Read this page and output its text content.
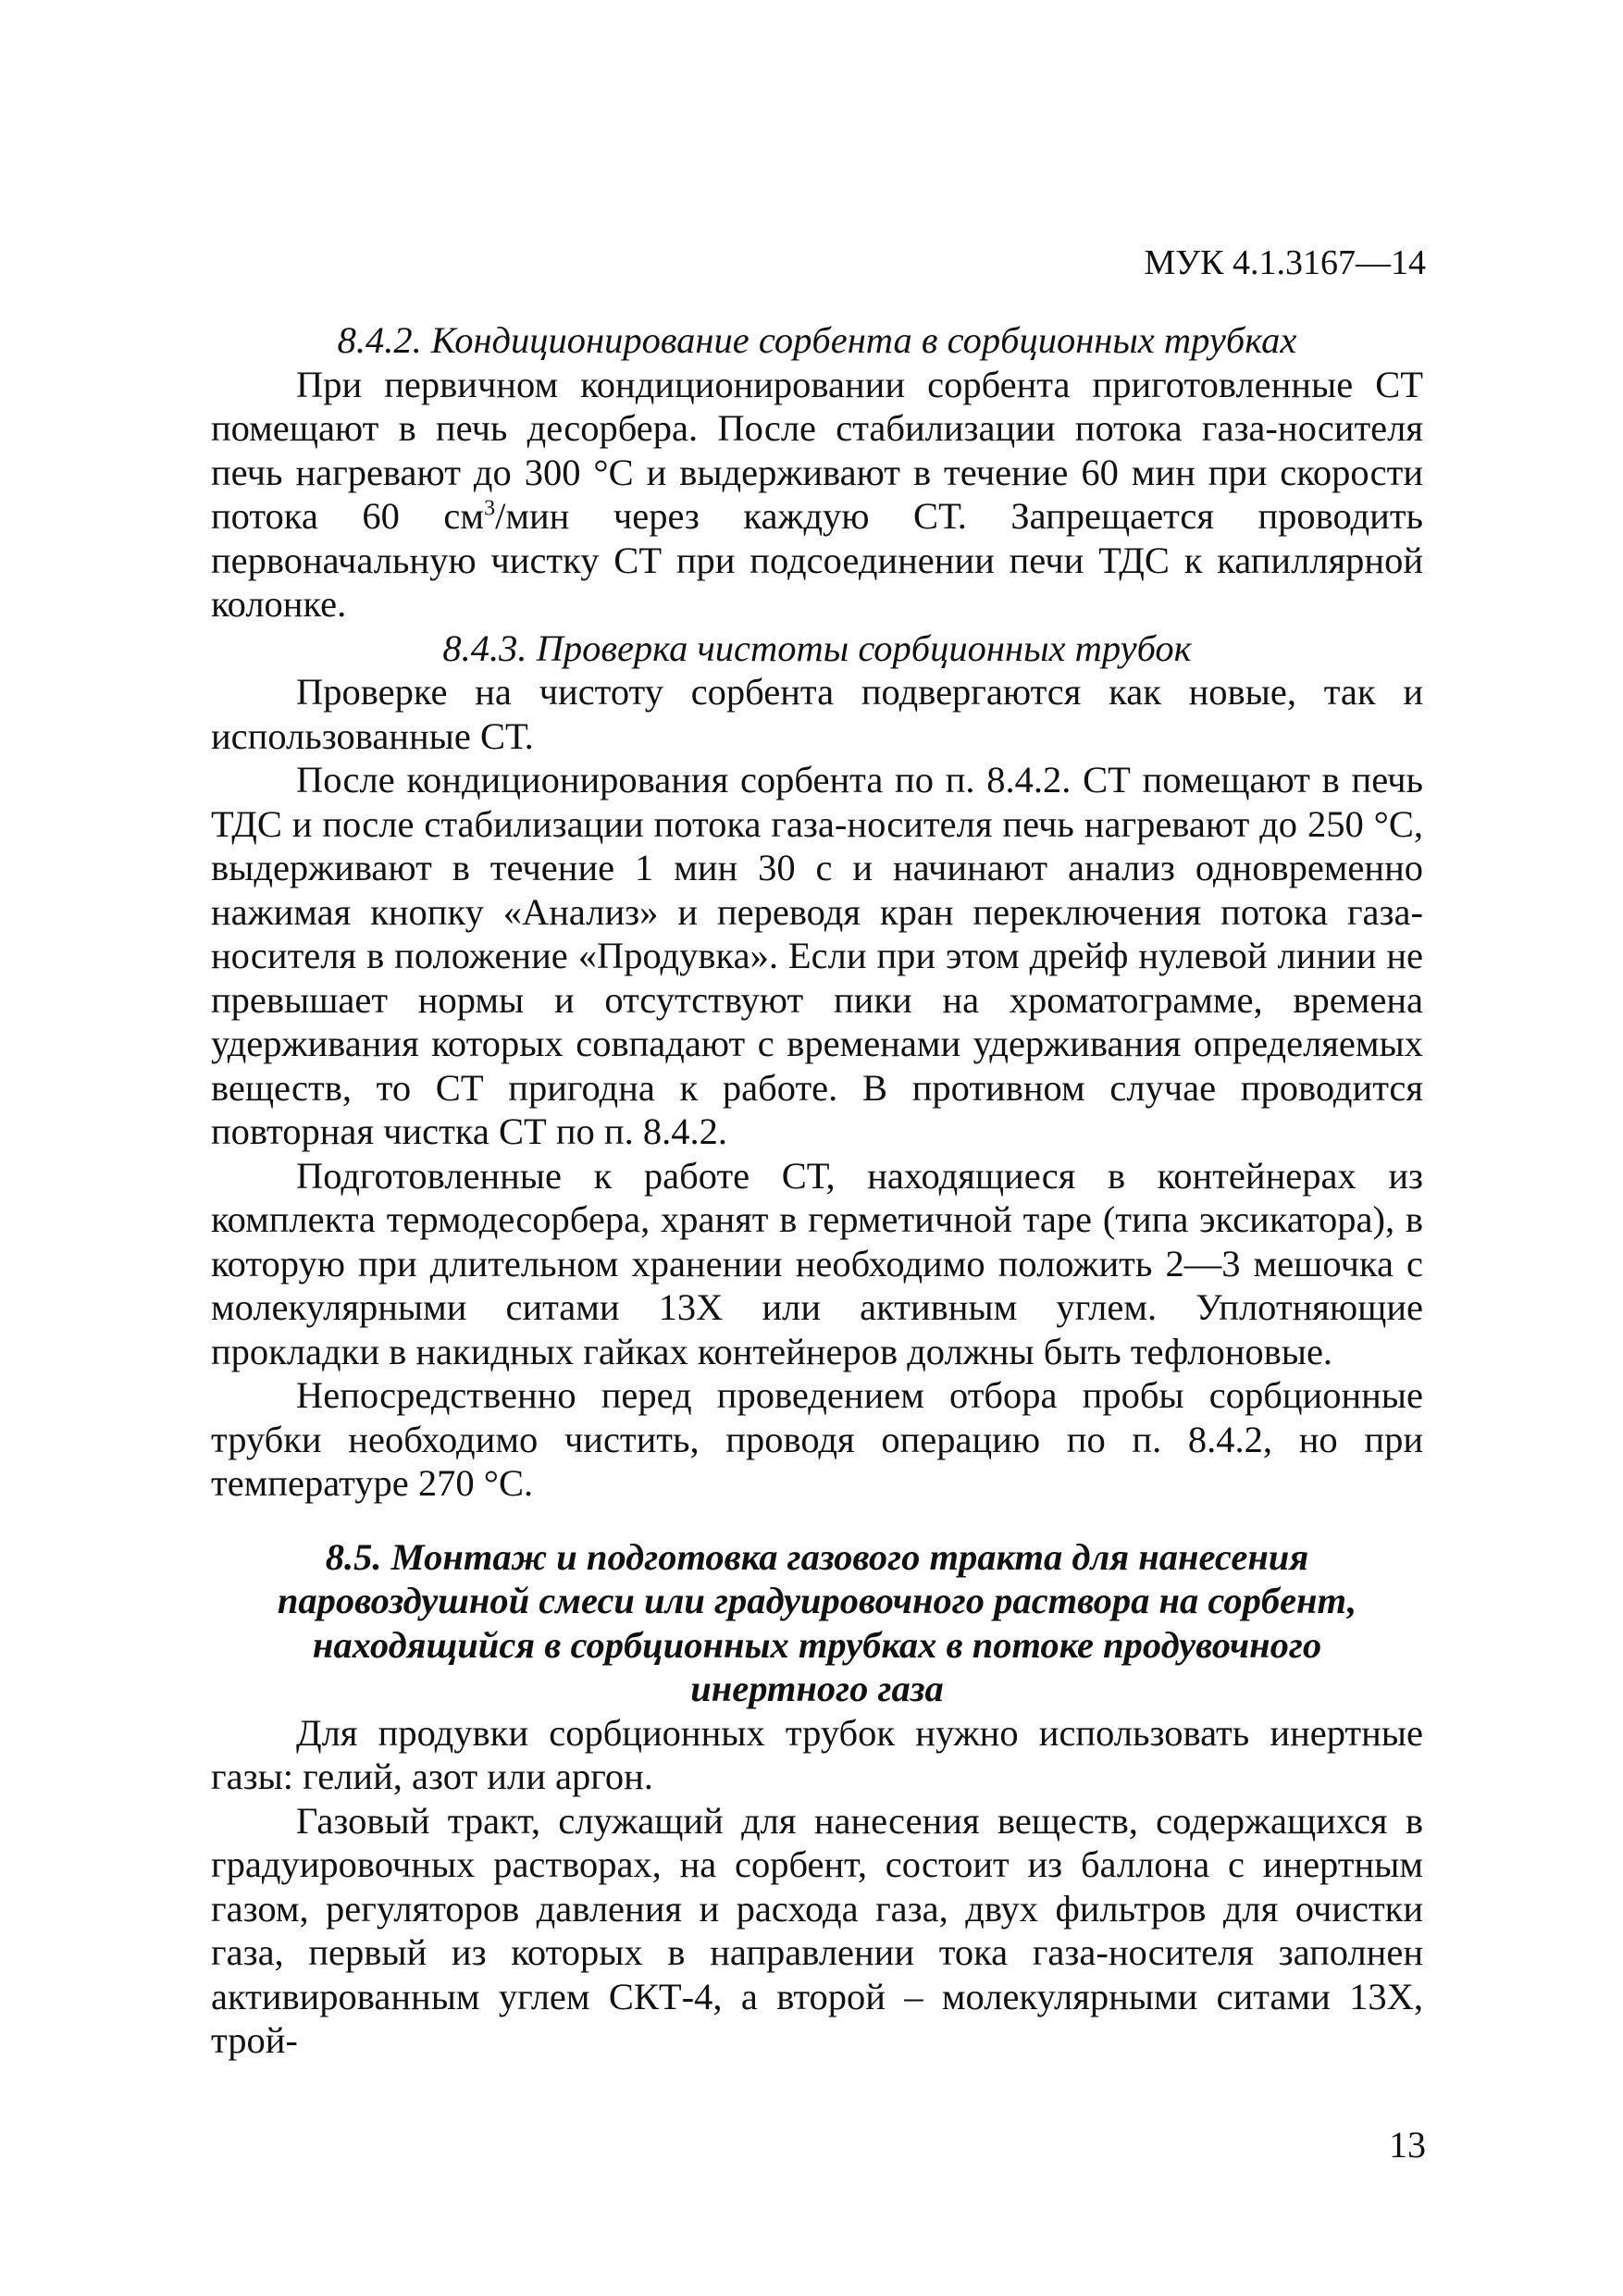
МУК 4.1.3167—14

8.4.2. Кондиционирование сорбента в сорбционных трубках

При первичном кондиционировании сорбента приготовленные СТ помещают в печь десорбера. После стабилизации потока газа-носителя печь нагревают до 300 °С и выдерживают в течение 60 мин при скорости потока 60 $см^3$/мин через каждую СТ. Запрещается проводить первоначальную чистку СТ при подсоединении печи ТДС к капиллярной колонке.

8.4.3. Проверка чистоты сорбционных трубок

Проверке на чистоту сорбента подвергаются как новые, так и использованные СТ.

После кондиционирования сорбента по п. 8.4.2. СТ помещают в печь ТДС и после стабилизации потока газа-носителя печь нагревают до 250 °С, выдерживают в течение 1 мин 30 с и начинают анализ одновременно нажимая кнопку «Анализ» и переводя кран переключения потока газа-носителя в положение «Продувка». Если при этом дрейф нулевой линии не превышает нормы и отсутствуют пики на хроматограмме, времена удерживания которых совпадают с временами удерживания определяемых веществ, то СТ пригодна к работе. В противном случае проводится повторная чистка СТ по п. 8.4.2.

Подготовленные к работе СТ, находящиеся в контейнерах из комплекта термодесорбера, хранят в герметичной таре (типа эксикатора), в которую при длительном хранении необходимо положить 2—3 мешочка с молекулярными ситами 13Х или активным углем. Уплотняющие прокладки в накидных гайках контейнеров должны быть тефлоновые.

Непосредственно перед проведением отбора пробы сорбционные трубки необходимо чистить, проводя операцию по п. 8.4.2, но при температуре 270 °С.

8.5. Монтаж и подготовка газового тракта для нанесения
паровоздушной смеси или градуировочного раствора на сорбент,
находящийся в сорбционных трубках в потоке продувочного
инертного газа

Для продувки сорбционных трубок нужно использовать инертные газы: гелий, азот или аргон.

Газовый тракт, служащий для нанесения веществ, содержащихся в градуировочных растворах, на сорбент, состоит из баллона с инертным газом, регуляторов давления и расхода газа, двух фильтров для очистки газа, первый из которых в направлении тока газа-носителя заполнен активированным углем СКТ-4, а второй – молекулярными ситами 13Х, трой-

13
